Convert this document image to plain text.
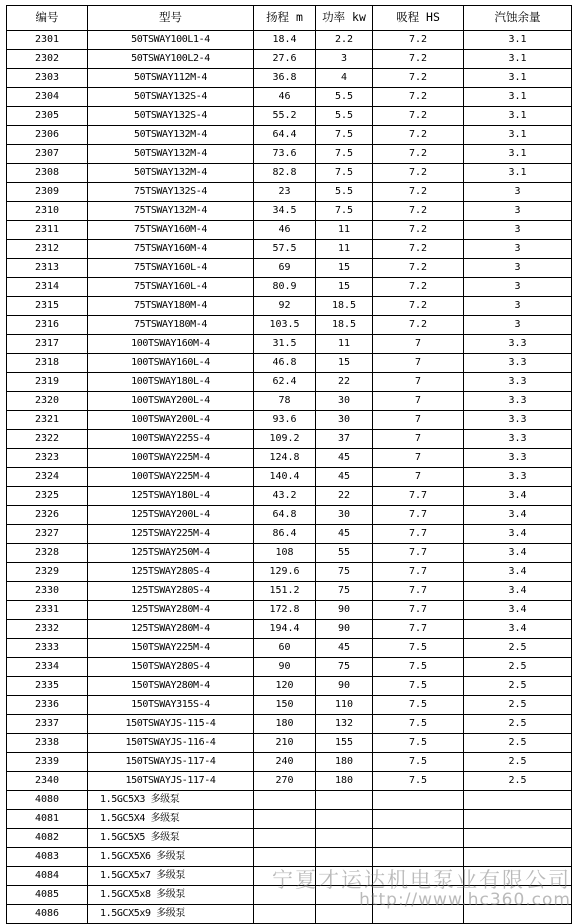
编号	型号	扬程 m	功率 kw	吸程 HS	汽蚀余量
2301	50TSWAY100L1-4	18.4	2.2	7.2	3.1
2302	50TSWAY100L2-4	27.6	3	7.2	3.1
2303	50TSWAY112M-4	36.8	4	7.2	3.1
2304	50TSWAY132S-4	46	5.5	7.2	3.1
2305	50TSWAY132S-4	55.2	5.5	7.2	3.1
2306	50TSWAY132M-4	64.4	7.5	7.2	3.1
2307	50TSWAY132M-4	73.6	7.5	7.2	3.1
2308	50TSWAY132M-4	82.8	7.5	7.2	3.1
2309	75TSWAY132S-4	23	5.5	7.2	3
2310	75TSWAY132M-4	34.5	7.5	7.2	3
2311	75TSWAY160M-4	46	11	7.2	3
2312	75TSWAY160M-4	57.5	11	7.2	3
2313	75TSWAY160L-4	69	15	7.2	3
2314	75TSWAY160L-4	80.9	15	7.2	3
2315	75TSWAY180M-4	92	18.5	7.2	3
2316	75TSWAY180M-4	103.5	18.5	7.2	3
2317	100TSWAY160M-4	31.5	11	7	3.3
2318	100TSWAY160L-4	46.8	15	7	3.3
2319	100TSWAY180L-4	62.4	22	7	3.3
2320	100TSWAY200L-4	78	30	7	3.3
2321	100TSWAY200L-4	93.6	30	7	3.3
2322	100TSWAY225S-4	109.2	37	7	3.3
2323	100TSWAY225M-4	124.8	45	7	3.3
2324	100TSWAY225M-4	140.4	45	7	3.3
2325	125TSWAY180L-4	43.2	22	7.7	3.4
2326	125TSWAY200L-4	64.8	30	7.7	3.4
2327	125TSWAY225M-4	86.4	45	7.7	3.4
2328	125TSWAY250M-4	108	55	7.7	3.4
2329	125TSWAY280S-4	129.6	75	7.7	3.4
2330	125TSWAY280S-4	151.2	75	7.7	3.4
2331	125TSWAY280M-4	172.8	90	7.7	3.4
2332	125TSWAY280M-4	194.4	90	7.7	3.4
2333	150TSWAY225M-4	60	45	7.5	2.5
2334	150TSWAY280S-4	90	75	7.5	2.5
2335	150TSWAY280M-4	120	90	7.5	2.5
2336	150TSWAY315S-4	150	110	7.5	2.5
2337	150TSWAYJS-115-4	180	132	7.5	2.5
2338	150TSWAYJS-116-4	210	155	7.5	2.5
2339	150TSWAYJS-117-4	240	180	7.5	2.5
2340	150TSWAYJS-117-4	270	180	7.5	2.5
4080	1.5GC5X3 多级泵				
4081	1.5GC5X4 多级泵				
4082	1.5GC5X5 多级泵				
4083	1.5GCX5X6 多级泵				
4084	1.5GCX5x7 多级泵				
4085	1.5GCX5x8 多级泵				
4086	1.5GCX5x9 多级泵				
宁夏才运达机电泵业有限公司
http://www.hc360.com
